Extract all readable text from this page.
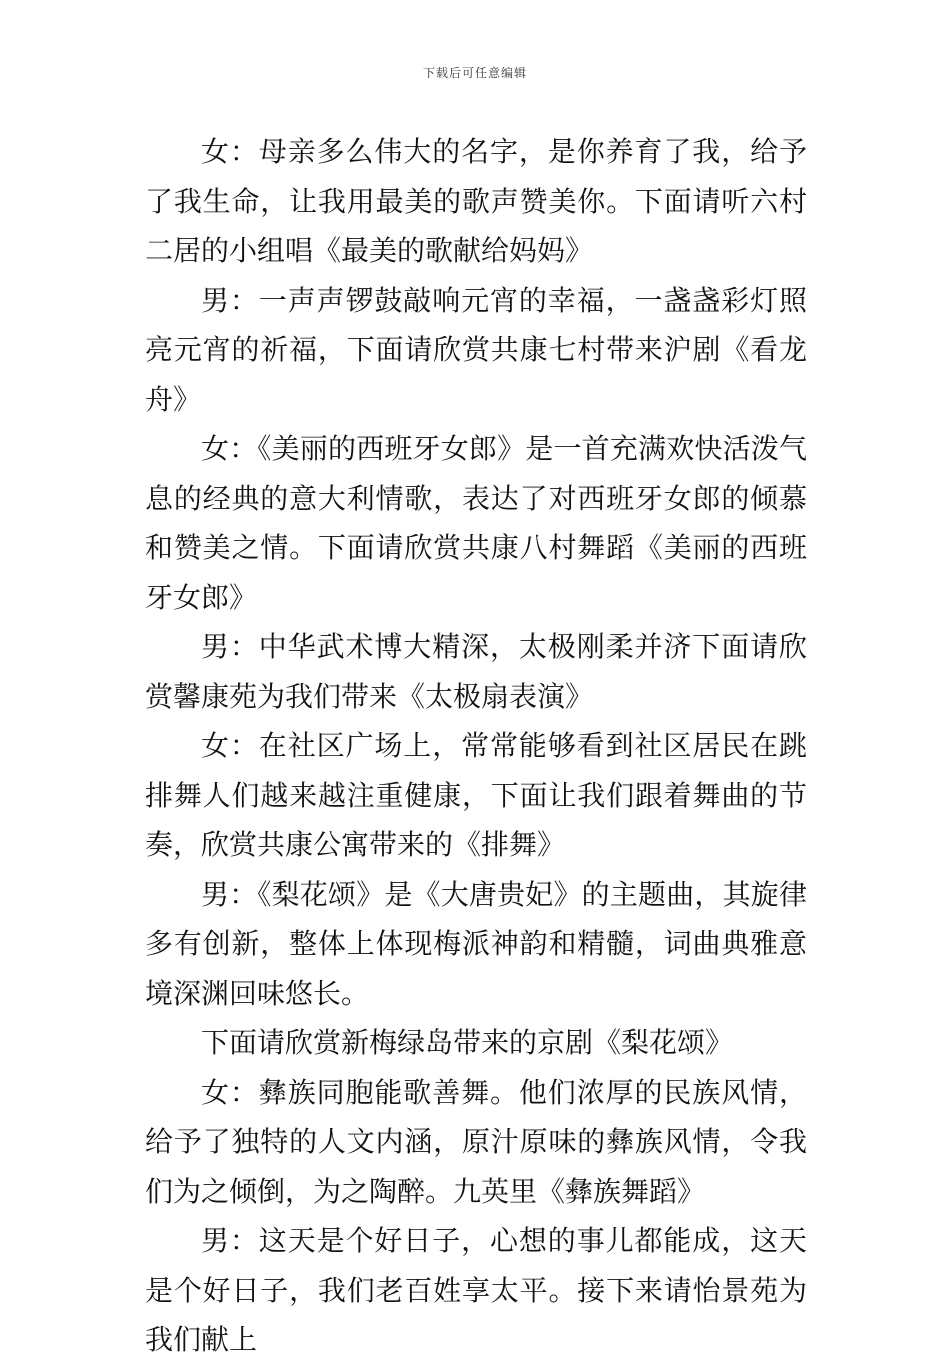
下载后可任意编辑

女：母亲多么伟大的名字，是你养育了我，给予了我生命，让我用最美的歌声赞美你。下面请听六村二居的小组唱《最美的歌献给妈妈》

男：一声声锣鼓敲响元宵的幸福，一盏盏彩灯照亮元宵的祈福，下面请欣赏共康七村带来沪剧《看龙舟》

女：《美丽的西班牙女郎》是一首充满欢快活泼气息的经典的意大利情歌，表达了对西班牙女郎的倾慕和赞美之情。下面请欣赏共康八村舞蹈《美丽的西班牙女郎》

男：中华武术博大精深，太极刚柔并济下面请欣赏馨康苑为我们带来《太极扇表演》

女：在社区广场上，常常能够看到社区居民在跳排舞人们越来越注重健康，下面让我们跟着舞曲的节奏，欣赏共康公寓带来的《排舞》

男：《梨花颂》是《大唐贵妃》的主题曲，其旋律多有创新，整体上体现梅派神韵和精髓，词曲典雅意境深渊回味悠长。

下面请欣赏新梅绿岛带来的京剧《梨花颂》

女：彝族同胞能歌善舞。他们浓厚的民族风情，给予了独特的人文内涵，原汁原味的彝族风情，令我们为之倾倒，为之陶醉。九英里《彝族舞蹈》

男：这天是个好日子，心想的事儿都能成，这天是个好日子，我们老百姓享太平。接下来请怡景苑为我们献上
